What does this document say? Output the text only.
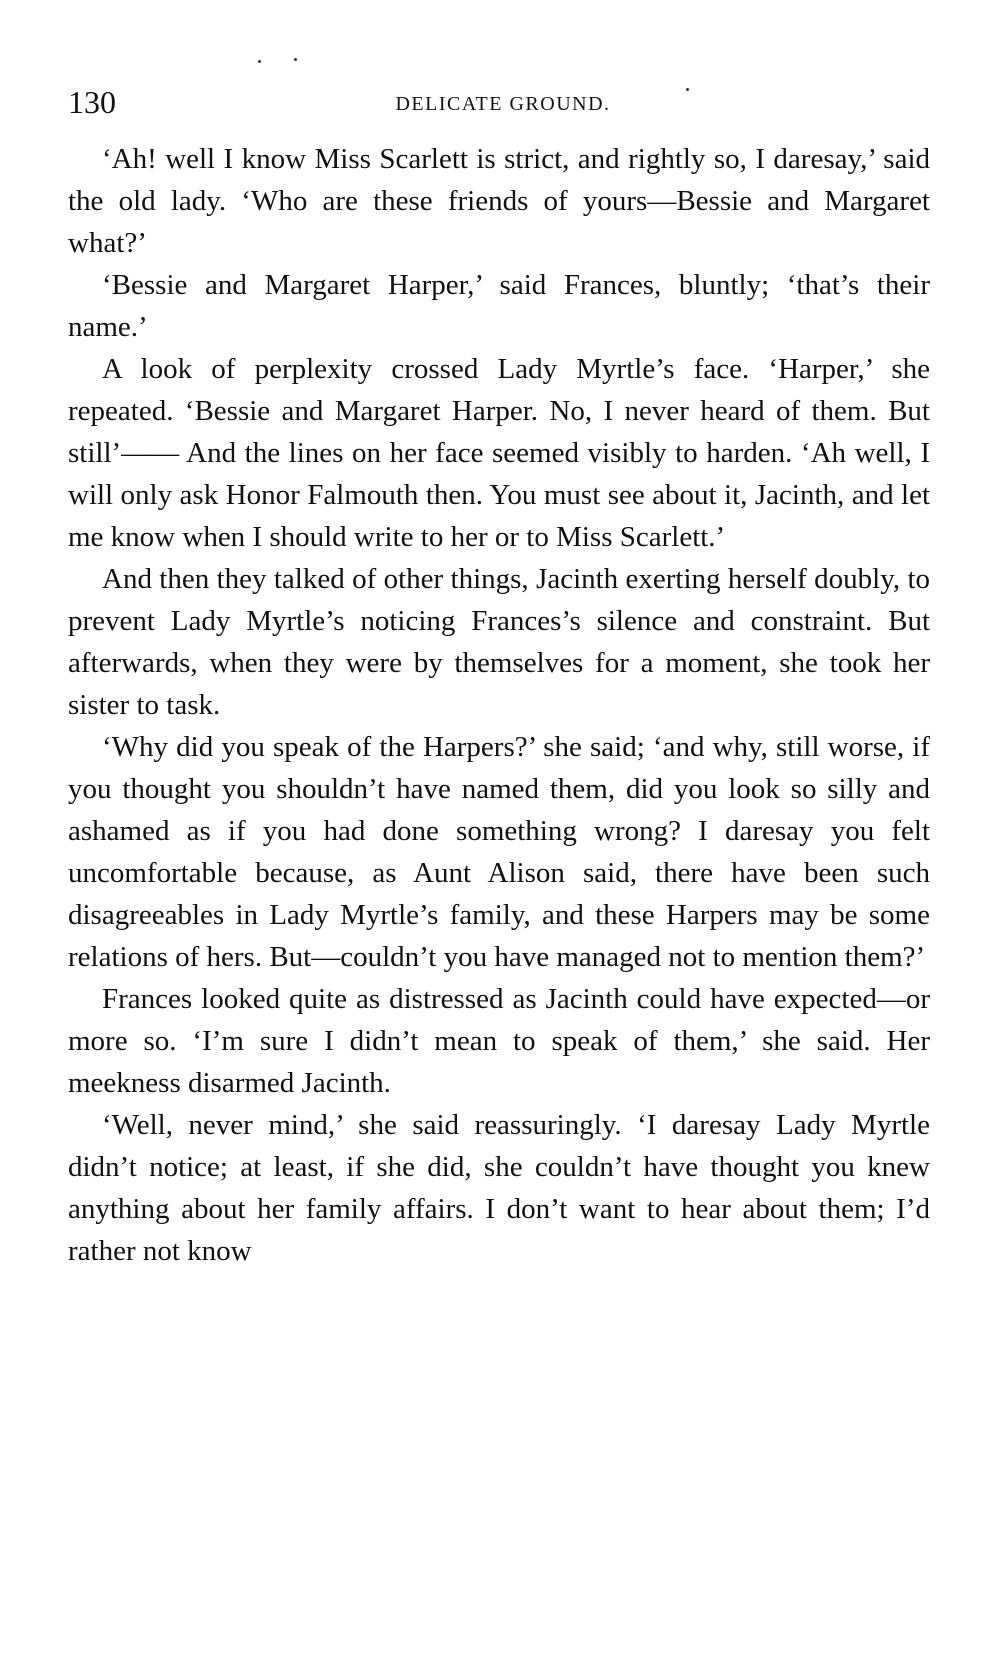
130	DELICATE GROUND.

‘Ah! well I know Miss Scarlett is strict, and rightly so, I daresay,’ said the old lady. ‘Who are these friends of yours—Bessie and Margaret what?’

‘Bessie and Margaret Harper,’ said Frances, bluntly; ‘that’s their name.’

A look of perplexity crossed Lady Myrtle’s face. ‘Harper,’ she repeated. ‘Bessie and Margaret Harper. No, I never heard of them. But still’—— And the lines on her face seemed visibly to harden. ‘Ah well, I will only ask Honor Falmouth then. You must see about it, Jacinth, and let me know when I should write to her or to Miss Scarlett.’

And then they talked of other things, Jacinth exerting herself doubly, to prevent Lady Myrtle’s noticing Frances’s silence and constraint. But afterwards, when they were by themselves for a moment, she took her sister to task.

‘Why did you speak of the Harpers?’ she said; ‘and why, still worse, if you thought you shouldn’t have named them, did you look so silly and ashamed as if you had done something wrong? I daresay you felt uncomfortable because, as Aunt Alison said, there have been such disagreeables in Lady Myrtle’s family, and these Harpers may be some relations of hers. But—couldn’t you have managed not to mention them?’

Frances looked quite as distressed as Jacinth could have expected—or more so. ‘I’m sure I didn’t mean to speak of them,’ she said. Her meekness disarmed Jacinth.

‘Well, never mind,’ she said reassuringly. ‘I daresay Lady Myrtle didn’t notice; at least, if she did, she couldn’t have thought you knew anything about her family affairs. I don’t want to hear about them; I’d rather not know
